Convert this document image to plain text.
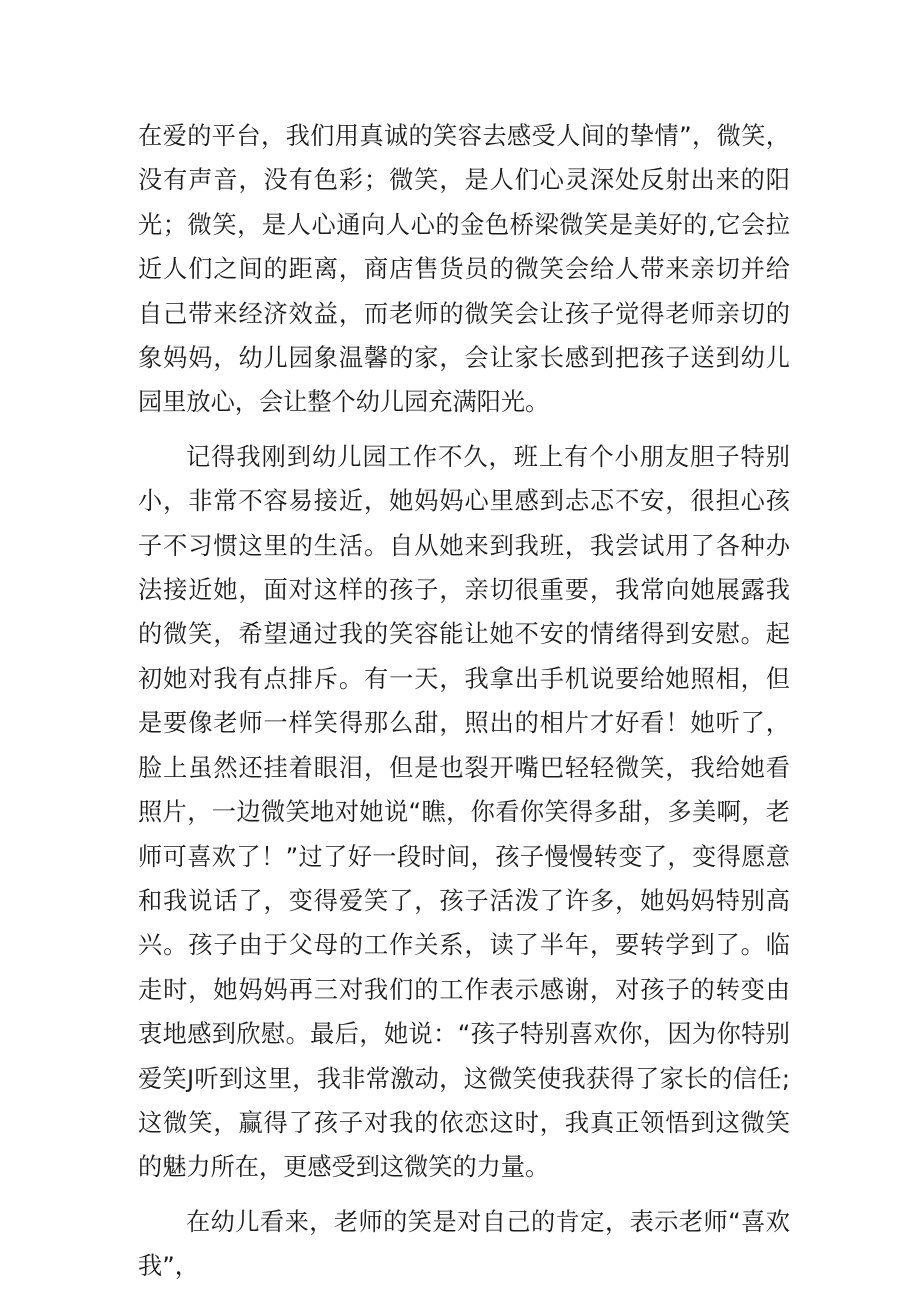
在爱的平台，我们用真诚的笑容去感受人间的挚情”，微笑，没有声音，没有色彩；微笑，是人们心灵深处反射出来的阳光；微笑，是人心通向人心的金色桥梁微笑是美好的,它会拉近人们之间的距离，商店售货员的微笑会给人带来亲切并给自己带来经济效益，而老师的微笑会让孩子觉得老师亲切的象妈妈，幼儿园象温馨的家，会让家长感到把孩子送到幼儿园里放心，会让整个幼儿园充满阳光。

记得我刚到幼儿园工作不久，班上有个小朋友胆子特别小，非常不容易接近，她妈妈心里感到忐忑不安，很担心孩子不习惯这里的生活。自从她来到我班，我尝试用了各种办法接近她，面对这样的孩子，亲切很重要，我常向她展露我的微笑，希望通过我的笑容能让她不安的情绪得到安慰。起初她对我有点排斥。有一天，我拿出手机说要给她照相，但是要像老师一样笑得那么甜，照出的相片才好看！她听了，脸上虽然还挂着眼泪，但是也裂开嘴巴轻轻微笑，我给她看照片，一边微笑地对她说“瞧，你看你笑得多甜，多美啊，老师可喜欢了！”过了好一段时间，孩子慢慢转变了，变得愿意和我说话了，变得爱笑了，孩子活泼了许多，她妈妈特别高兴。孩子由于父母的工作关系，读了半年，要转学到了。临走时，她妈妈再三对我们的工作表示感谢，对孩子的转变由衷地感到欣慰。最后，她说：“孩子特别喜欢你，因为你特别爱笑J听到这里，我非常激动，这微笑使我获得了家长的信任;这微笑，赢得了孩子对我的依恋这时，我真正领悟到这微笑的魅力所在，更感受到这微笑的力量。

在幼儿看来，老师的笑是对自己的肯定，表示老师“喜欢我”，
